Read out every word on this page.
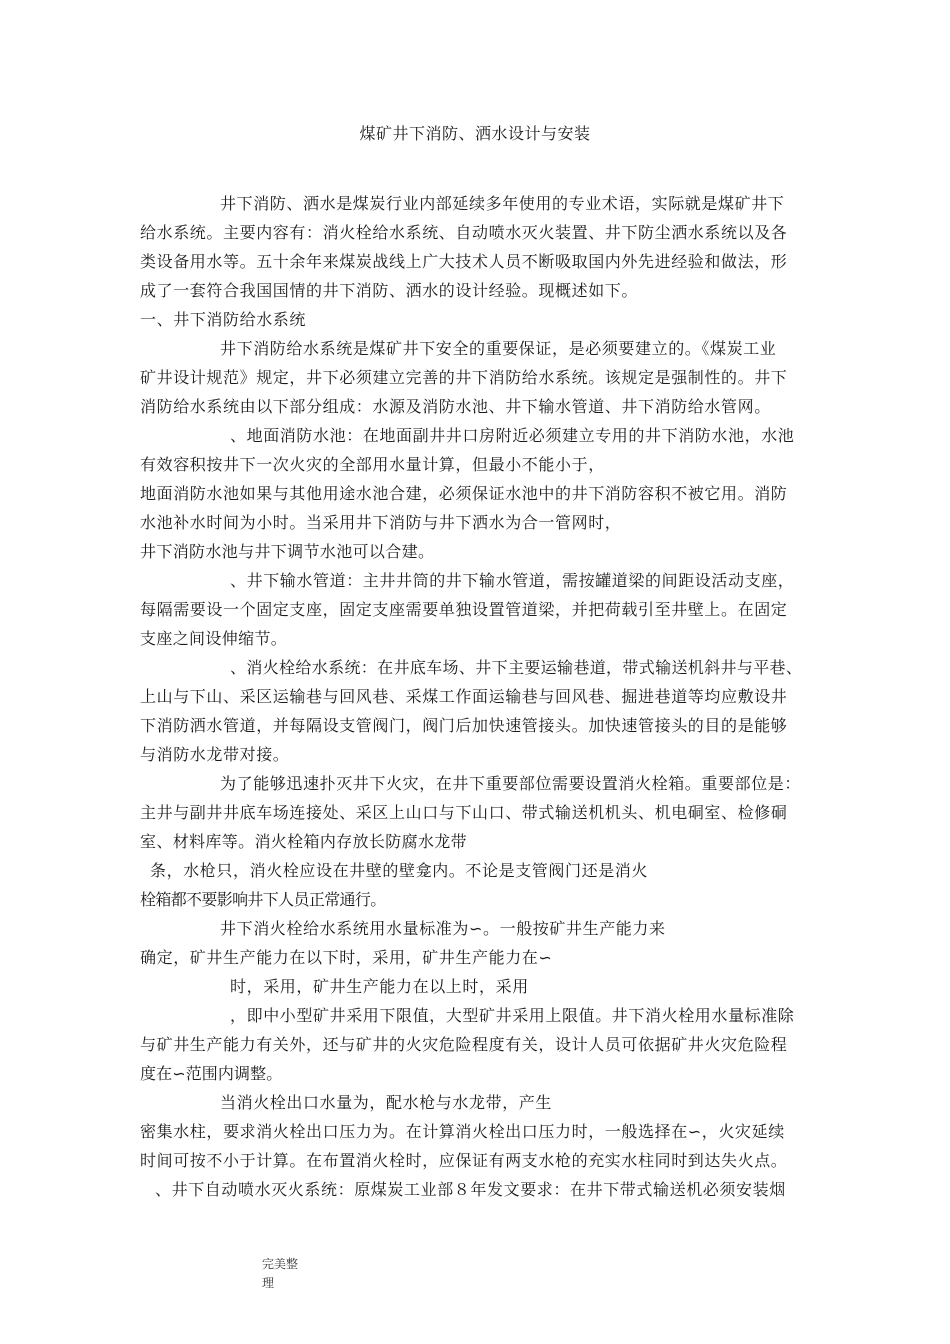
煤矿井下消防、洒水设计与安装
井下消防、洒水是煤炭行业内部延续多年使用的专业术语，实际就是煤矿井下
给水系统。主要内容有：消火栓给水系统、自动喷水灭火装置、井下防尘洒水系统以及各
类设备用水等。五十余年来煤炭战线上广大技术人员不断吸取国内外先进经验和做法，形
成了一套符合我国国情的井下消防、洒水的设计经验。现概述如下。
一、井下消防给水系统
井下消防给水系统是煤矿井下安全的重要保证，是必须要建立的。《煤炭工业
矿井设计规范》规定，井下必须建立完善的井下消防给水系统。该规定是强制性的。井下
消防给水系统由以下部分组成：水源及消防水池、井下输水管道、井下消防给水管网。
、地面消防水池：在地面副井井口房附近必须建立专用的井下消防水池，水池
有效容积按井下一次火灾的全部用水量计算，但最小不能小于，
地面消防水池如果与其他用途水池合建，必须保证水池中的井下消防容积不被它用。消防
水池补水时间为小时。当采用井下消防与井下洒水为合一管网时，
井下消防水池与井下调节水池可以合建。
、井下输水管道：主井井筒的井下输水管道，需按罐道梁的间距设活动支座，
每隔需要设一个固定支座，固定支座需要单独设置管道梁，并把荷载引至井壁上。在固定
支座之间设伸缩节。
、消火栓给水系统：在井底车场、井下主要运输巷道，带式输送机斜井与平巷、
上山与下山、采区运输巷与回风巷、采煤工作面运输巷与回风巷、掘进巷道等均应敷设井
下消防洒水管道，并每隔设支管阀门，阀门后加快速管接头。加快速管接头的目的是能够
与消防水龙带对接。
为了能够迅速扑灭井下火灾，在井下重要部位需要设置消火栓箱。重要部位是：
主井与副井井底车场连接处、采区上山口与下山口、带式输送机机头、机电硐室、检修硐
室、材料库等。消火栓箱内存放长防腐水龙带
条，水枪只，消火栓应设在井壁的壁龛内。不论是支管阀门还是消火
栓箱都不要影响井下人员正常通行。
井下消火栓给水系统用水量标准为∽。一般按矿井生产能力来
确定，矿井生产能力在以下时，采用，矿井生产能力在∽
时，采用，矿井生产能力在以上时，采用
，即中小型矿井采用下限值，大型矿井采用上限值。井下消火栓用水量标准除
与矿井生产能力有关外，还与矿井的火灾危险程度有关，设计人员可依据矿井火灾危险程
度在∽范围内调整。
当消火栓出口水量为，配水枪与水龙带，产生
密集水柱，要求消火栓出口压力为。在计算消火栓出口压力时，一般选择在∽，火灾延续
时间可按不小于计算。在布置消火栓时，应保证有两支水枪的充实水柱同时到达失火点。
、井下自动喷水灭火系统：原煤炭工业部８年发文要求：在井下带式输送机必须安装烟
完美整
理
